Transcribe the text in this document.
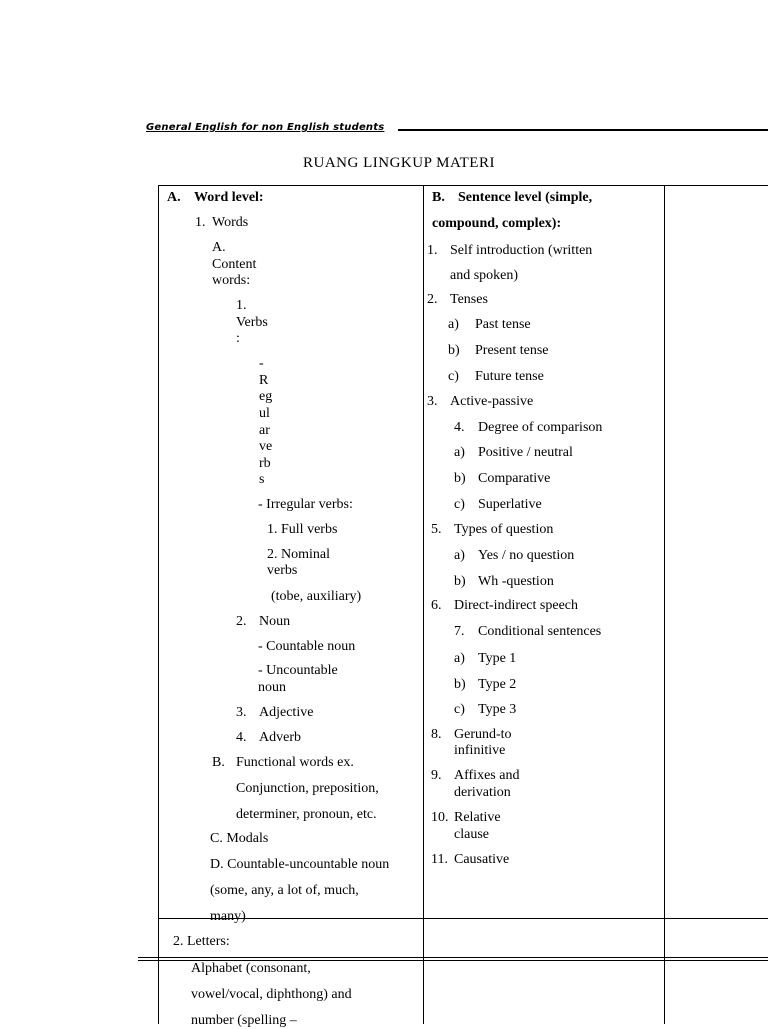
General English for non English students
RUANG LINGKUP MATERI
A. Word level:
1. Words
A.
Content
words:
1.
Verbs
:
-
R
eg
ul
ar
ve
rb
s
- Irregular verbs:
1. Full verbs
2. Nominal
verbs
(tobe, auxiliary)
2. Noun
- Countable noun
- Uncountable
noun
3. Adjective
4. Adverb
B. Functional words ex.
Conjunction, preposition,
determiner, pronoun, etc.
C. Modals
D. Countable-uncountable noun
(some, any, a lot of, much,
many)
2. Letters:
Alphabet (consonant,
vowel/vocal, diphthong) and
number (spelling –
B. Sentence level (simple,
compound, complex):
1. Self introduction (written
and spoken)
2. Tenses
a) Past tense
b) Present tense
c) Future tense
3. Active-passive
4. Degree of comparison
a) Positive / neutral
b) Comparative
c) Superlative
5. Types of question
a) Yes / no question
b) Wh -question
6. Direct-indirect speech
7. Conditional sentences
a) Type 1
b) Type 2
c) Type 3
8. Gerund-to
infinitive
9. Affixes and
derivation
10. Relative
clause
11. Causative
